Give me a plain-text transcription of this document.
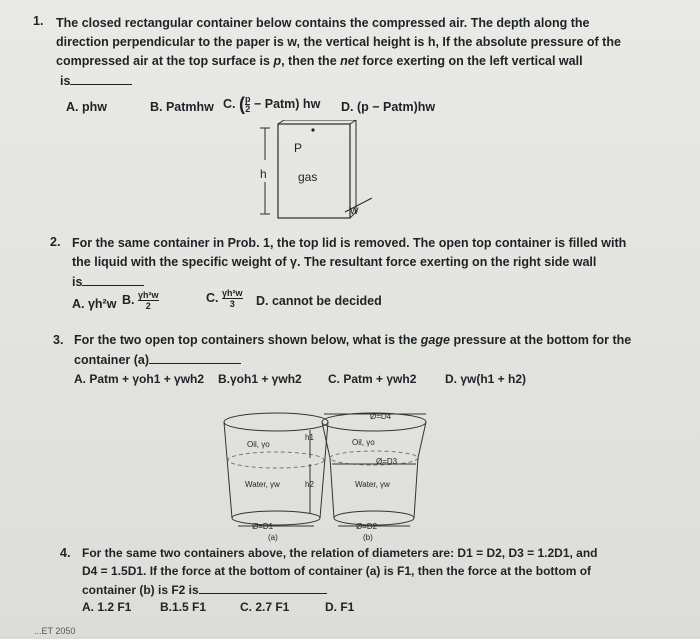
1. The closed rectangular container below contains the compressed air. The depth along the
direction perpendicular to the paper is w, the vertical height is h, If the absolute pressure of the
compressed air at the top surface is p, then the net force exerting on the left vertical wall
is
A. phw	B. Patmhw C. ( $\frac{p}{2}$ − Patm) hw D. (p − Patm)hw
P
h	gas
W
2. For the same container in Prob. 1, the top lid is removed. The open top container is filled with
the liquid with the specific weight of γ. The resultant force exerting on the right side wall
is
A. γh²w B. $\frac{\text{γh²w}}{2}$	C. $\frac{\text{γh²w}}{3} D$. cannot be decided
3. For the two open top containers shown below, what is the gage pressure at the bottom for the
container (a)
A. Patm + γoh1 + γwh2 B.γoh1 + γwh2 C. Patm + γwh2 D. γw(h1 + h2)
Oil, γo
h1
Oil, γo
Ø=D4
Ø=D3
Water, γw	h2	Water, γw
Ø=D1	Ø=D2
(a)	(b)
4. For the same two containers above, the relation of diameters are: D1 = D2, D3 = 1.2D1, and
D4 = 1.5D1. If the force at the bottom of container (a) is F1, then the force at the bottom of
container (b) is F2 is
A. 1.2 F1 B.1.5 F1	C. 2.7 F1	D. F1
...ET 2050
